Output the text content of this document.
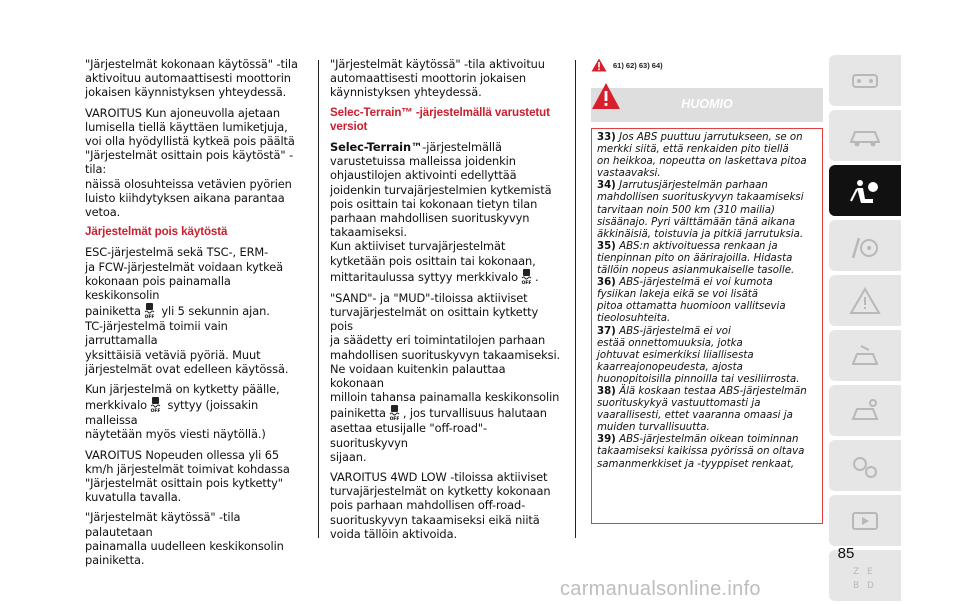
"Järjestelmät kokonaan käytössä" -tila
aktivoituu automaattisesti moottorin
jokaisen käynnistyksen yhteydessä.
VAROITUS Kun ajoneuvolla ajetaan
lumisella tiellä käyttäen lumiketjuja,
voi olla hyödyllistä kytkeä pois päältä
"Järjestelmät osittain pois käytöstä" -tila:
näissä olosuhteissa vetävien pyörien
luisto kiihdytyksen aikana parantaa
vetoa.
Järjestelmät pois käytöstä
ESC-järjestelmä sekä TSC-, ERM-
ja FCW-järjestelmät voidaan kytkeä
kokonaan pois painamalla keskikonsolin
painiketta OFF yli 5 sekunnin ajan.
TC-järjestelmä toimii vain jarruttamalla
yksittäisiä vetäviä pyöriä. Muut
järjestelmät ovat edelleen käytössä.
Kun järjestelmä on kytketty päälle,
merkkivalo OFF syttyy (joissakin malleissa
näytetään myös viesti näytöllä.)
VAROITUS Nopeuden ollessa yli 65
km/h järjestelmät toimivat kohdassa
"Järjestelmät osittain pois kytketty"
kuvatulla tavalla.
"Järjestelmät käytössä" -tila palautetaan
painamalla uudelleen keskikonsolin
painiketta.
"Järjestelmät käytössä" -tila aktivoituu
automaattisesti moottorin jokaisen
käynnistyksen yhteydessä.
Selec-Terrain™ -järjestelmällä varustetut
versiot
Selec-Terrain™-järjestelmällä
varustetuissa malleissa joidenkin
ohjaustilojen aktivointi edellyttää
joidenkin turvajärjestelmien kytkemistä
pois osittain tai kokonaan tietyn tilan
parhaan mahdollisen suorituskyvyn
takaamiseksi.
Kun aktiiviset turvajärjestelmät
kytketään pois osittain tai kokonaan,
mittaritaulussa syttyy merkkivalo OFF .
"SAND"- ja "MUD"-tiloissa aktiiviset
turvajärjestelmät on osittain kytketty pois
ja säädetty eri toimintatilojen parhaan
mahdollisen suorituskyvyn takaamiseksi.
Ne voidaan kuitenkin palauttaa kokonaan
milloin tahansa painamalla keskikonsolin
painiketta OFF , jos turvallisuus halutaan
asettaa etusijalle "off-road"-suorituskyvyn
sijaan.
VAROITUS 4WD LOW -tiloissa aktiiviset
turvajärjestelmät on kytketty kokonaan
pois parhaan mahdollisen off-road-
suorituskyvyn takaamiseksi eikä niitä
voida tällöin aktivoida.
61) 62) 63) 64)
HUOMIO
33) Jos ABS puuttuu jarrutukseen, se on
merkki siitä, että renkaiden pito tiellä
on heikkoa, nopeutta on laskettava pitoa
vastaavaksi.
34) Jarrutusjärjestelmän parhaan
mahdollisen suorituskyvyn takaamiseksi
tarvitaan noin 500 km (310 mailia)
sisäänajo. Pyri välttämään tänä aikana
äkkinäisiä, toistuvia ja pitkiä jarrutuksia.
35) ABS:n aktivoituessa renkaan ja
tienpinnan pito on äärirajoilla. Hidasta
tällöin nopeus asianmukaiselle tasolle.
36) ABS-järjestelmä ei voi kumota
fysiikan lakeja eikä se voi lisätä
pitoa ottamatta huomioon vallitsevia
tieolosuhteita.
37) ABS-järjestelmä ei voi
estää onnettomuuksia, jotka
johtuvat esimerkiksi liiallisesta
kaarreajonopeudesta, ajosta
huonopitoisilla pinnoilla tai vesiliirrosta.
38) Älä koskaan testaa ABS-järjestelmän
suorituskykyä vastuuttomasti ja
vaarallisesti, ettet vaaranna omaasi ja
muiden turvallisuutta.
39) ABS-järjestelmän oikean toiminnan
takaamiseksi kaikissa pyörissä on oltava
samanmerkkiset ja -tyyppiset renkaat,
Z E
B D
85
carmanualsonline.info
